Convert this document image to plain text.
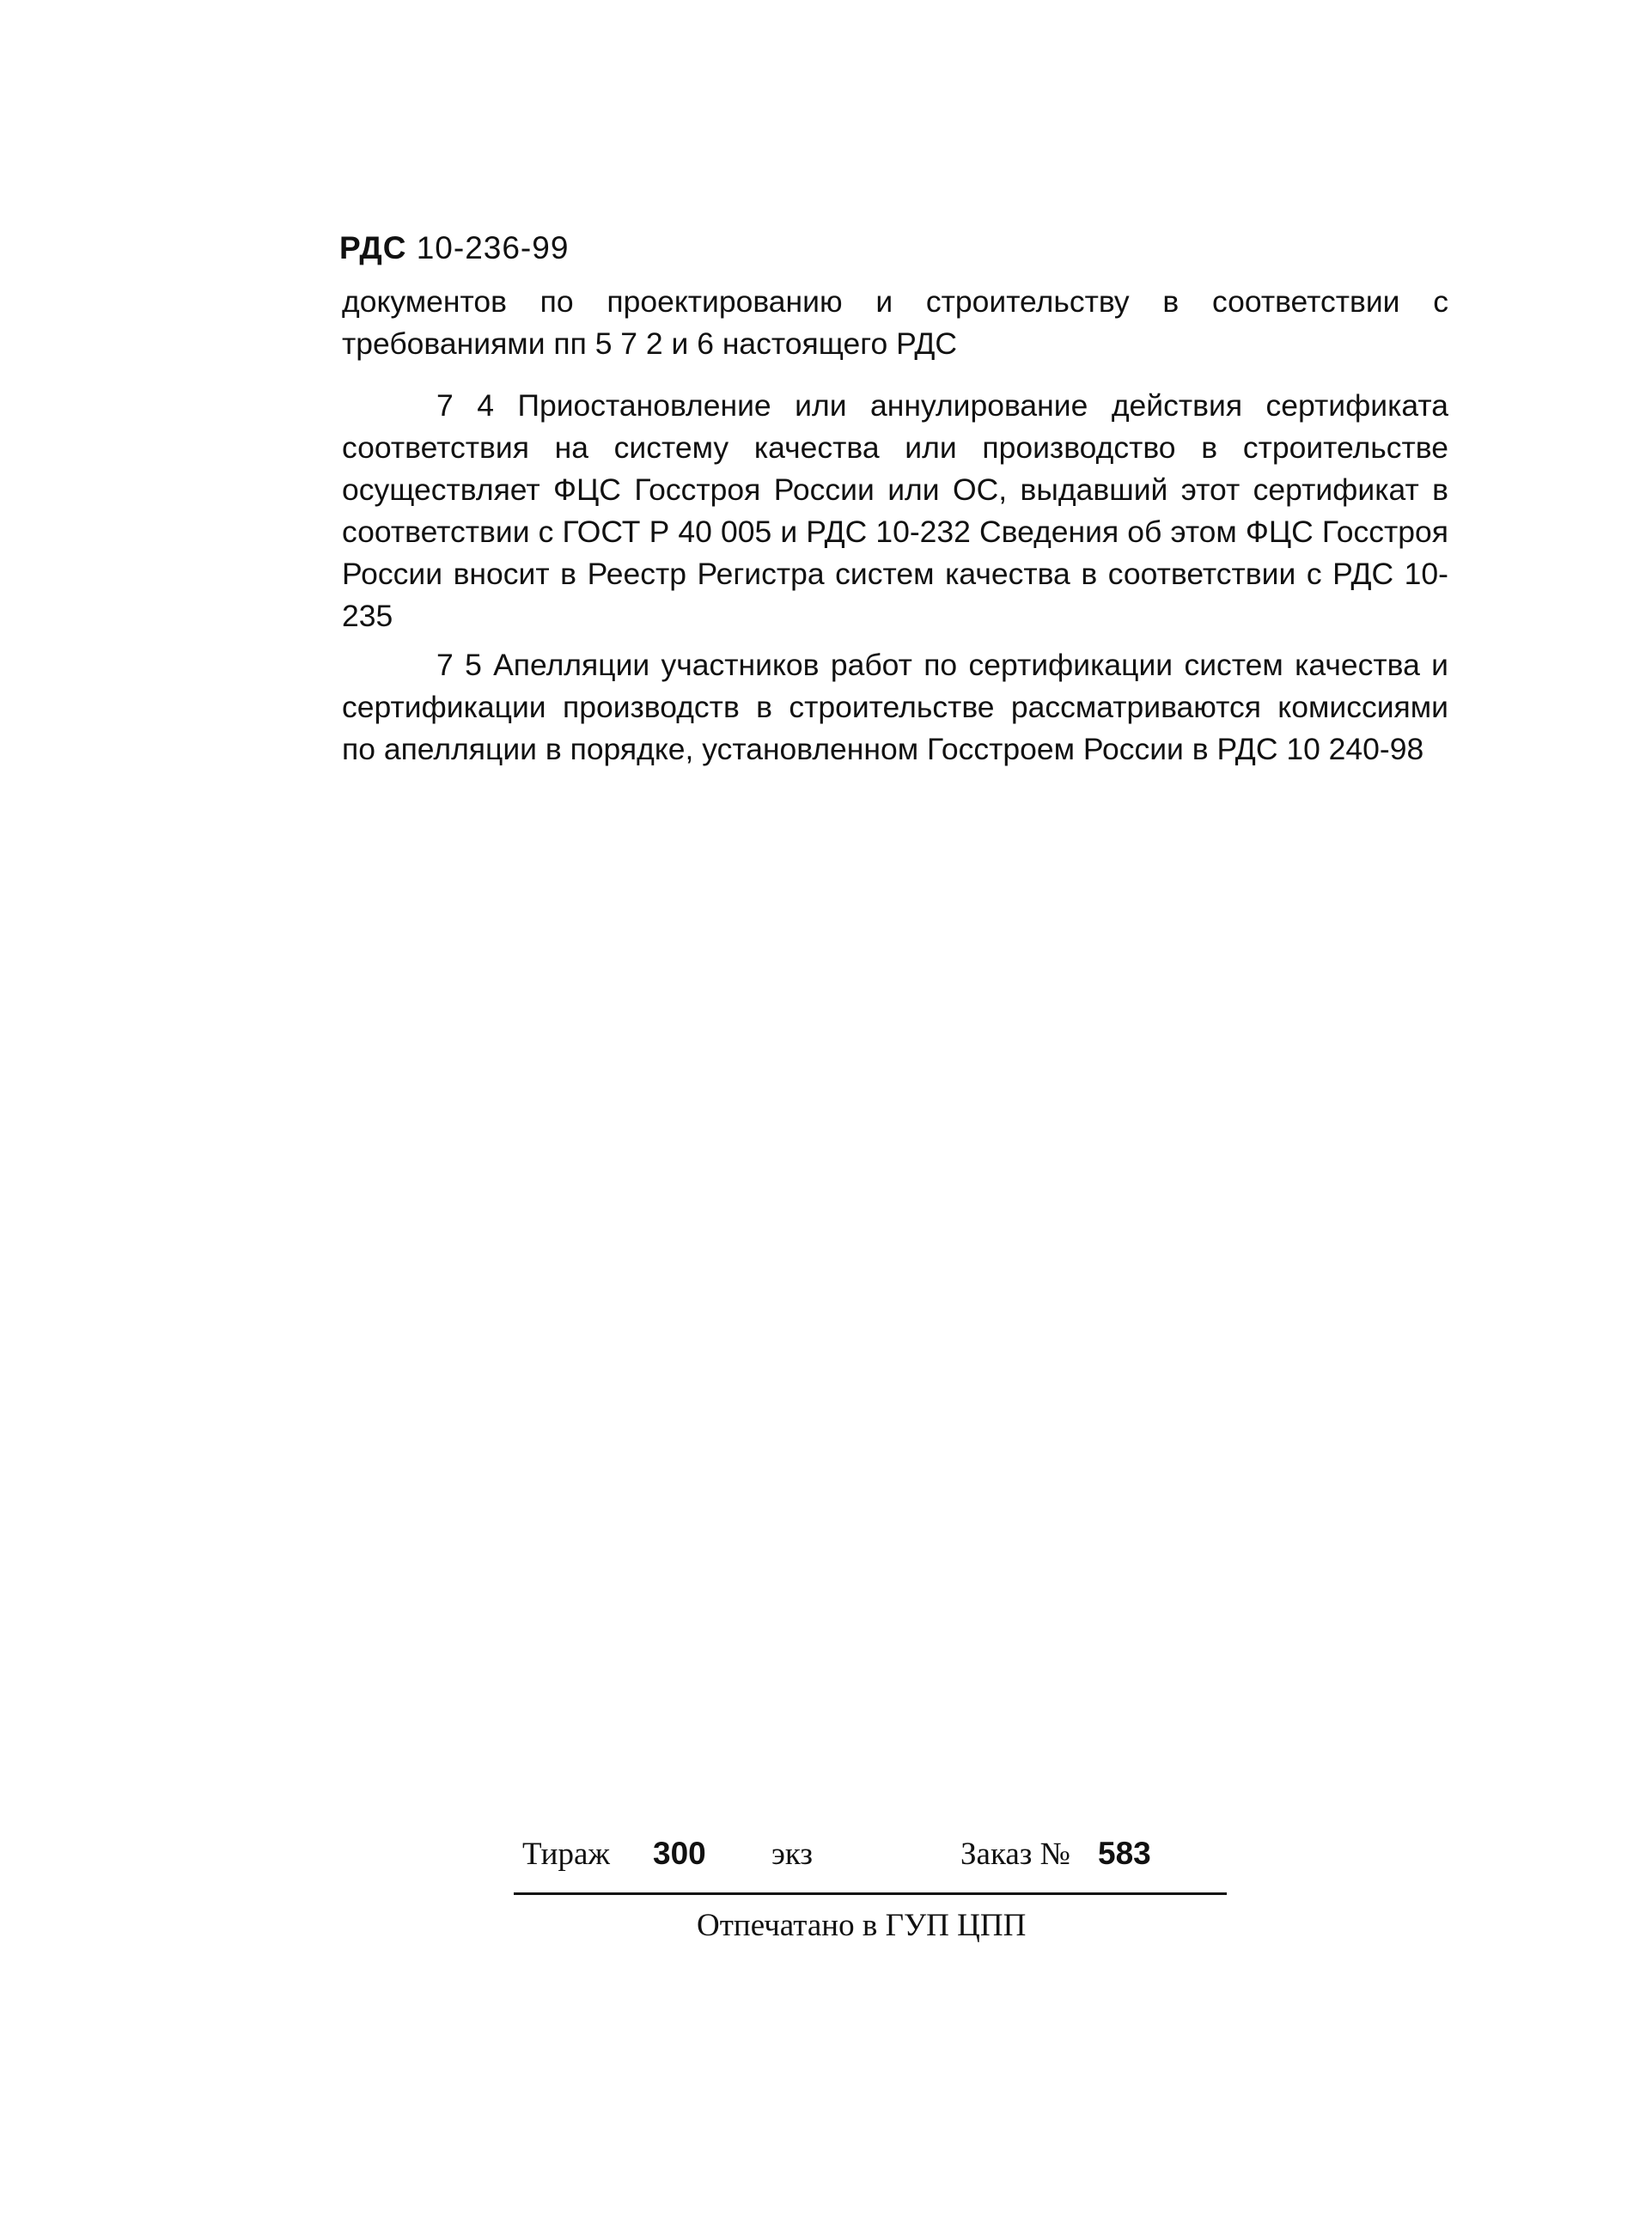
РДС 10-236-99

документов по проектированию и строительству в соответствии с требованиями пп 5 7 2 и 6 настоящего РДС

7 4 Приостановление или аннулирование действия сертификата соответствия на систему качества или производство в строительстве осуществляет ФЦС Госстроя России или ОС, выдавший этот сертификат в соответствии с ГОСТ Р 40 005 и РДС 10-232 Сведения об этом ФЦС Госстроя России вносит в Реестр Регистра систем качества в соответствии с РДС 10-235

7 5 Апелляции участников работ по сертификации систем качества и сертификации производств в строительстве рассматриваются комиссиями по апелляции в порядке, установленном Госстроем России в РДС 10 240-98

Тираж 300 экз	Заказ № 583
Отпечатано в ГУП ЦПП
